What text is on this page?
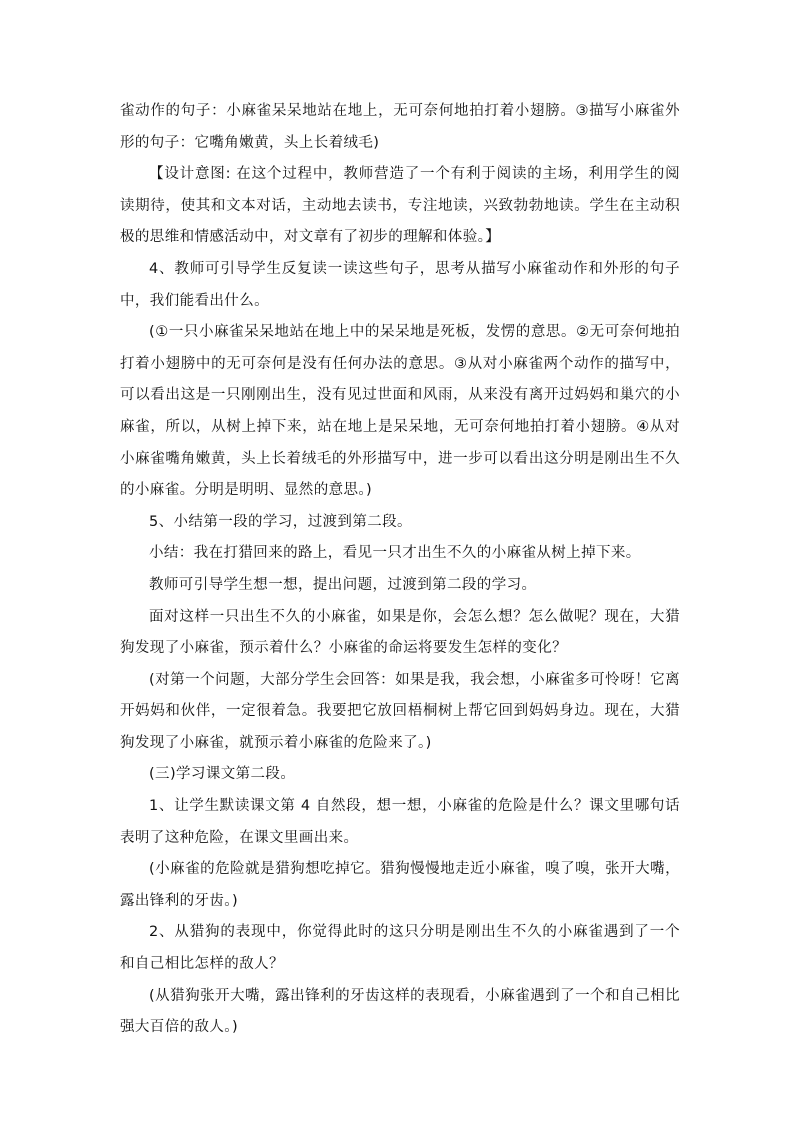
雀动作的句子：小麻雀呆呆地站在地上，无可奈何地拍打着小翅膀。③描写小麻雀外形的句子：它嘴角嫩黄，头上长着绒毛)

【设计意图: 在这个过程中，教师营造了一个有利于阅读的主场，利用学生的阅读期待，使其和文本对话，主动地去读书，专注地读，兴致勃勃地读。学生在主动积极的思维和情感活动中，对文章有了初步的理解和体验。】

4、教师可引导学生反复读一读这些句子，思考从描写小麻雀动作和外形的句子中，我们能看出什么。

(①一只小麻雀呆呆地站在地上中的呆呆地是死板，发愣的意思。②无可奈何地拍打着小翅膀中的无可奈何是没有任何办法的意思。③从对小麻雀两个动作的描写中，可以看出这是一只刚刚出生，没有见过世面和风雨，从来没有离开过妈妈和巢穴的小麻雀，所以，从树上掉下来，站在地上是呆呆地，无可奈何地拍打着小翅膀。④从对小麻雀嘴角嫩黄，头上长着绒毛的外形描写中，进一步可以看出这分明是刚出生不久的小麻雀。分明是明明、显然的意思。)

5、小结第一段的学习，过渡到第二段。

小结：我在打猎回来的路上，看见一只才出生不久的小麻雀从树上掉下来。

教师可引导学生想一想，提出问题，过渡到第二段的学习。

面对这样一只出生不久的小麻雀，如果是你，会怎么想？怎么做呢？现在，大猎狗发现了小麻雀，预示着什么？小麻雀的命运将要发生怎样的变化？

(对第一个问题，大部分学生会回答：如果是我，我会想，小麻雀多可怜呀！它离开妈妈和伙伴，一定很着急。我要把它放回梧桐树上帮它回到妈妈身边。现在，大猎狗发现了小麻雀，就预示着小麻雀的危险来了。)

(三)学习课文第二段。

1、让学生默读课文第 4 自然段，想一想，小麻雀的危险是什么？课文里哪句话表明了这种危险，在课文里画出来。

(小麻雀的危险就是猎狗想吃掉它。猎狗慢慢地走近小麻雀，嗅了嗅，张开大嘴，露出锋利的牙齿。)

2、从猎狗的表现中，你觉得此时的这只分明是刚出生不久的小麻雀遇到了一个和自己相比怎样的敌人？

(从猎狗张开大嘴，露出锋利的牙齿这样的表现看，小麻雀遇到了一个和自己相比强大百倍的敌人。)
